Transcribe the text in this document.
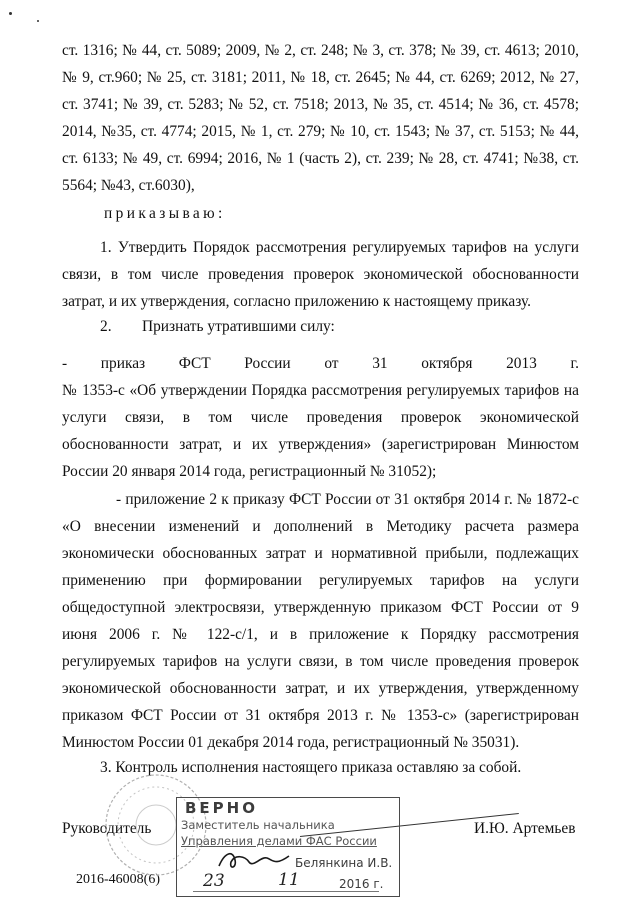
ст. 1316; № 44, ст. 5089; 2009, № 2, ст. 248; № 3, ст. 378; № 39, ст. 4613; 2010, № 9, ст.960; № 25, ст. 3181; 2011, № 18, ст. 2645; № 44, ст. 6269; 2012, № 27, ст. 3741; № 39, ст. 5283; № 52, ст. 7518; 2013, № 35, ст. 4514; № 36, ст. 4578; 2014, №35, ст. 4774; 2015, № 1, ст. 279; № 10, ст. 1543; № 37, ст. 5153; № 44, ст. 6133; № 49, ст. 6994; 2016, № 1 (часть 2), ст. 239; № 28, ст. 4741; №38, ст. 5564; №43, ст.6030),

приказываю:

1. Утвердить Порядок рассмотрения регулируемых тарифов на услуги связи, в том числе проведения проверок экономической обоснованности затрат, и их утверждения, согласно приложению к настоящему приказу.

2. Признать утратившими силу:

- приказ ФСТ России от 31 октября 2013 г.

№ 1353-с «Об утверждении Порядка рассмотрения регулируемых тарифов на услуги связи, в том числе проведения проверок экономической обоснованности затрат, и их утверждения» (зарегистрирован Минюстом России 20 января 2014 года, регистрационный № 31052);

- приложение 2 к приказу ФСТ России от 31 октября 2014 г. № 1872-с «О внесении изменений и дополнений в Методику расчета размера экономически обоснованных затрат и нормативной прибыли, подлежащих применению при формировании регулируемых тарифов на услуги общедоступной электросвязи, утвержденную приказом ФСТ России от 9 июня 2006 г. № 122-с/1, и в приложение к Порядку рассмотрения регулируемых тарифов на услуги связи, в том числе проведения проверок экономической обоснованности затрат, и их утверждения, утвержденному приказом ФСТ России от 31 октября 2013 г. № 1353-с» (зарегистрирован Минюстом России 01 декабря 2014 года, регистрационный № 35031).

3. Контроль исполнения настоящего приказа оставляю за собой.

Руководитель	И.Ю. Артемьев
2016-46008(6)
ВЕРНО
Заместитель начальника
Управления делами ФАС России
Белянкина И.В.
23	11	2016 г.
